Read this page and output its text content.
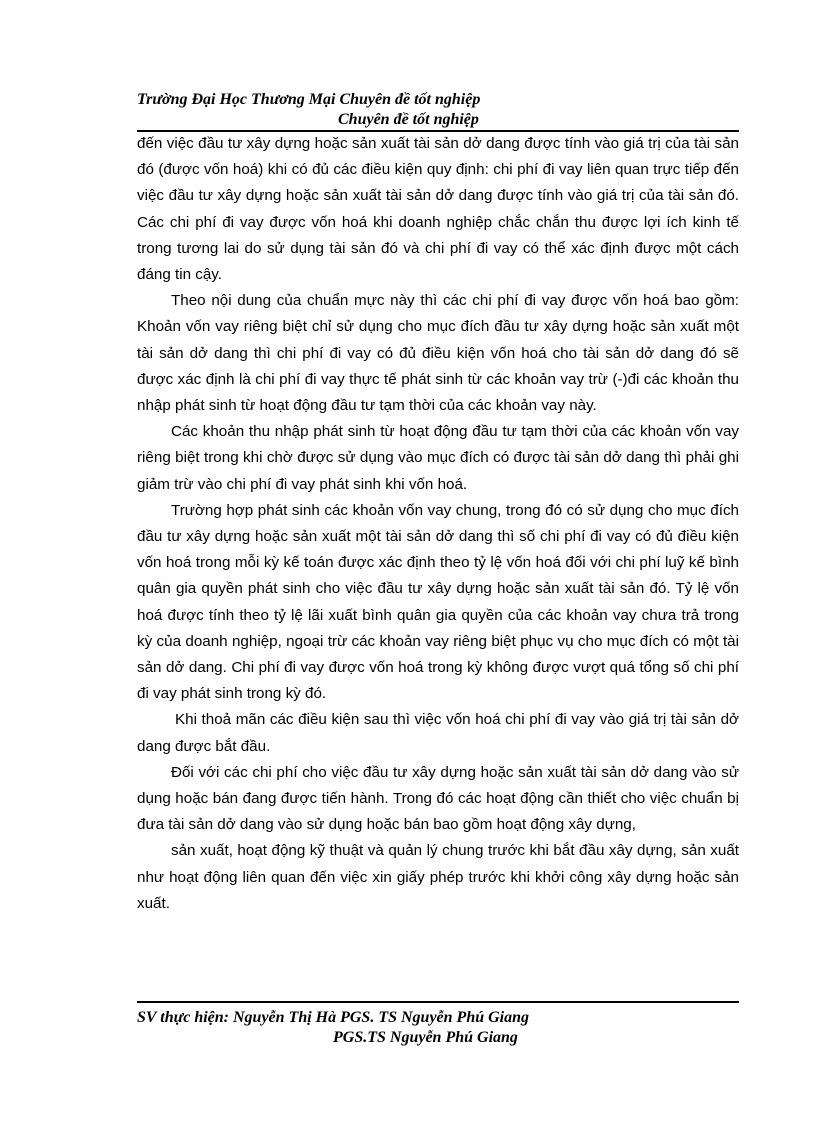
Trường Đại Học Thương Mại Chuyên đề tốt nghiệp
Chuyên đề tốt nghiệp

đến việc đầu tư xây dựng hoặc sản xuất tài sản dở dang được tính vào giá trị của tài sản đó (được vốn hoá) khi có đủ các điều kiện quy định: chi phí đi vay liên quan trực tiếp đến việc đầu tư xây dựng hoặc sản xuất tài sản dở dang được tính vào giá trị của tài sản đó. Các chi phí đi vay được vốn hoá khi doanh nghiệp chắc chắn thu được lợi ích kinh tế trong tương lai do sử dụng tài sản đó và chi phí đi vay có thể xác định được một cách đáng tin cậy.

Theo nội dung của chuẩn mực này thì các chi phí đi vay được vốn hoá bao gồm: Khoản vốn vay riêng biệt chỉ sử dụng cho mục đích đầu tư xây dựng hoặc sản xuất một tài sản dở dang thì chi phí đi vay có đủ điều kiện vốn hoá cho tài sản dở dang đó sẽ được xác định là chi phí đi vay thực tế phát sinh từ các khoản vay trừ (-)đi các khoản thu nhập phát sinh từ hoạt động đầu tư tạm thời của các khoản vay này.

Các khoản thu nhập phát sinh từ hoạt động đầu tư tạm thời của các khoản vốn vay riêng biệt trong khi chờ được sử dụng vào mục đích có được tài sản dở dang thì phải ghi giảm trừ vào chi phí đi vay phát sinh khi vốn hoá.

Trường hợp phát sinh các khoản vốn vay chung, trong đó có sử dụng cho mục đích đầu tư xây dựng hoặc sản xuất một tài sản dở dang thì số chi phí đi vay có đủ điều kiện vốn hoá trong mỗi kỳ kế toán được xác định theo tỷ lệ vốn hoá đối với chi phí luỹ kế bình quân gia quyền phát sinh cho việc đầu tư xây dựng hoặc sản xuất tài sản đó. Tỷ lệ vốn hoá được tính theo tỷ lệ lãi xuất bình quân gia quyền của các khoản vay chưa trả trong kỳ của doanh nghiệp, ngoại trừ các khoản vay riêng biệt phục vụ cho mục đích có một tài sản dở dang. Chi phí đi vay được vốn hoá trong kỳ không được vượt quá tổng số chi phí đi vay phát sinh trong kỳ đó.

Khi thoả mãn các điều kiện sau thì việc vốn hoá chi phí đi vay vào giá trị tài sản dở dang được bắt đầu.

Đối với các chi phí cho việc đầu tư xây dựng hoặc sản xuất tài sản dở dang vào sử dụng hoặc bán đang được tiến hành. Trong đó các hoạt động cần thiết cho việc chuẩn bị đưa tài sản dở dang vào sử dụng hoặc bán bao gồm hoạt động xây dựng,

sản xuất, hoạt động kỹ thuật và quản lý chung trước khi bắt đầu xây dựng, sản xuất như hoạt động liên quan đến việc xin giấy phép trước khi khởi công xây dựng hoặc sản xuất.

SV thực hiện: Nguyễn Thị Hà PGS. TS Nguyễn Phú Giang
PGS.TS Nguyễn Phú Giang
